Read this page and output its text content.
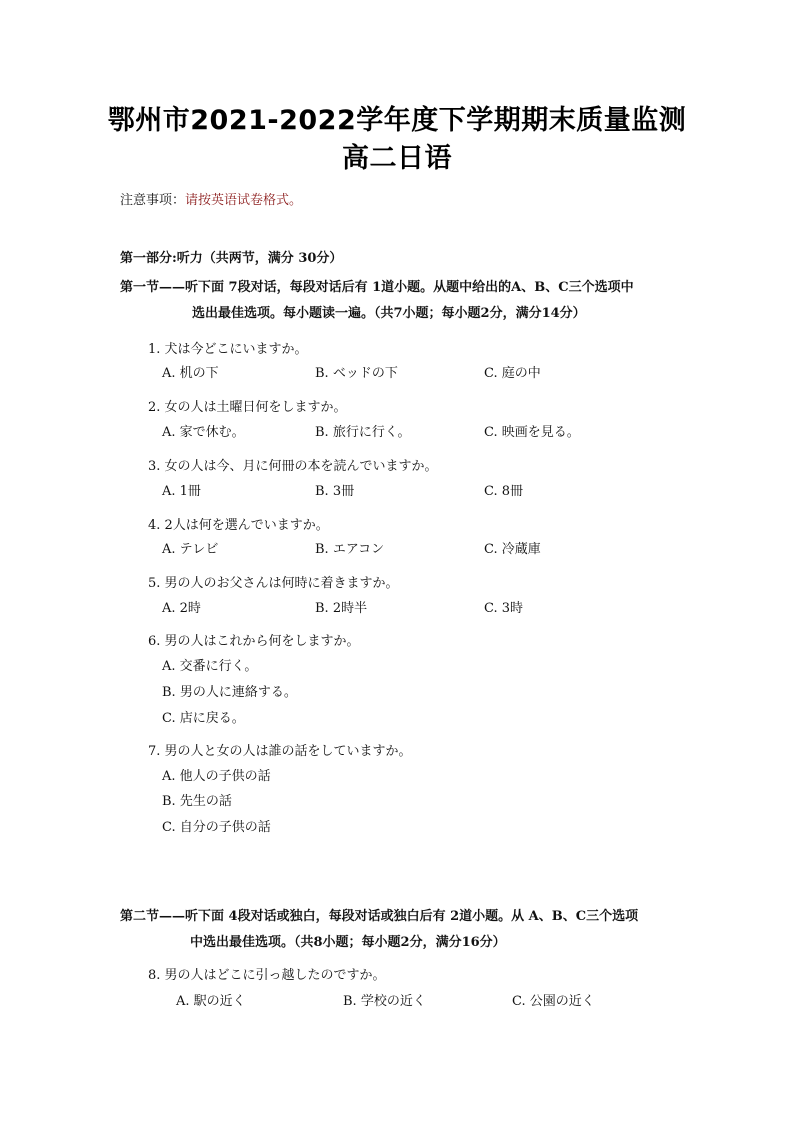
鄂州市2021-2022学年度下学期期末质量监测
高二日语
注意事项：请按英语试卷格式。
第一部分:听力（共两节，满分 30分）
第一节——听下面 7段对话，每段对话后有 1道小题。从题中给出的A、B、C三个选项中
选出最佳选项。每小题读一遍。（共7小题；每小题2分，满分14分）
1. 犬は今どこにいますか。
A. 机の下	B. ベッドの下	C. 庭の中
2. 女の人は土曜日何をしますか。
A. 家で休む。	B. 旅行に行く。	C. 映画を見る。
3. 女の人は今、月に何冊の本を読んでいますか。
A. 1冊	B. 3冊	C. 8冊
4. 2人は何を選んでいますか。
A. テレビ	B. エアコン	C. 冷蔵庫
5. 男の人のお父さんは何時に着きますか。
A. 2時	B. 2時半	C. 3時
6. 男の人はこれから何をしますか。
A. 交番に行く。
B. 男の人に連絡する。
C. 店に戻る。
7. 男の人と女の人は誰の話をしていますか。
A. 他人の子供の話
B. 先生の話
C. 自分の子供の話
第二节——听下面 4段对话或独白，每段对话或独白后有 2道小题。从 A、B、C三个选项
中选出最佳选项。（共8小题；每小题2分，满分16分）
8. 男の人はどこに引っ越したのですか。
A. 駅の近く	B. 学校の近く	C. 公園の近く
